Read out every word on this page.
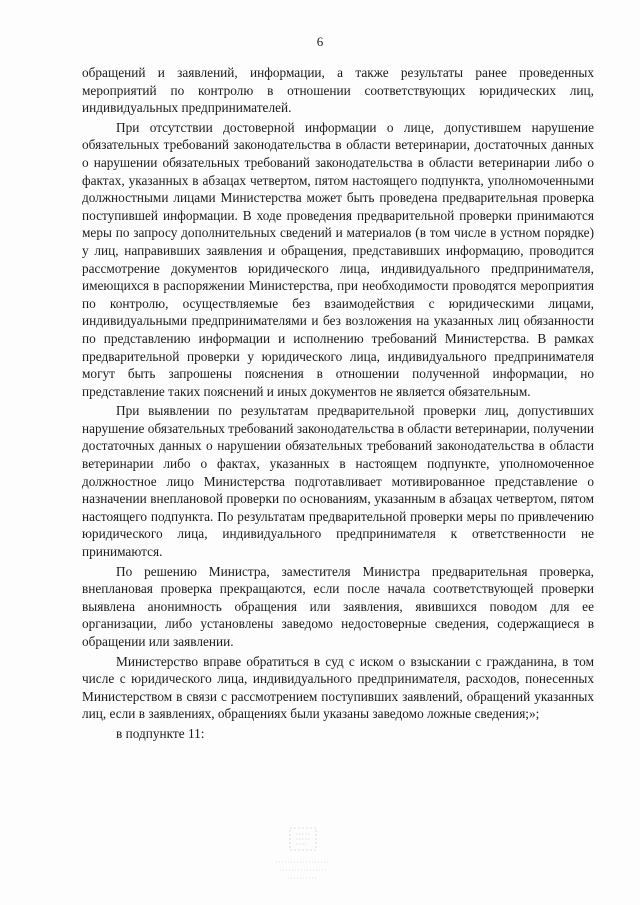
6

обращений и заявлений, информации, а также результаты ранее проведенных мероприятий по контролю в отношении соответствующих юридических лиц, индивидуальных предпринимателей.

При отсутствии достоверной информации о лице, допустившем нарушение обязательных требований законодательства в области ветеринарии, достаточных данных о нарушении обязательных требований законодательства в области ветеринарии либо о фактах, указанных в абзацах четвертом, пятом настоящего подпункта, уполномоченными должностными лицами Министерства может быть проведена предварительная проверка поступившей информации. В ходе проведения предварительной проверки принимаются меры по запросу дополнительных сведений и материалов (в том числе в устном порядке) у лиц, направивших заявления и обращения, представивших информацию, проводится рассмотрение документов юридического лица, индивидуального предпринимателя, имеющихся в распоряжении Министерства, при необходимости проводятся мероприятия по контролю, осуществляемые без взаимодействия с юридическими лицами, индивидуальными предпринимателями и без возложения на указанных лиц обязанности по представлению информации и исполнению требований Министерства. В рамках предварительной проверки у юридического лица, индивидуального предпринимателя могут быть запрошены пояснения в отношении полученной информации, но представление таких пояснений и иных документов не является обязательным.

При выявлении по результатам предварительной проверки лиц, допустивших нарушение обязательных требований законодательства в области ветеринарии, получении достаточных данных о нарушении обязательных требований законодательства в области ветеринарии либо о фактах, указанных в настоящем подпункте, уполномоченное должностное лицо Министерства подготавливает мотивированное представление о назначении внеплановой проверки по основаниям, указанным в абзацах четвертом, пятом настоящего подпункта. По результатам предварительной проверки меры по привлечению юридического лица, индивидуального предпринимателя к ответственности не принимаются.

По решению Министра, заместителя Министра предварительная проверка, внеплановая проверка прекращаются, если после начала соответствующей проверки выявлена анонимность обращения или заявления, явившихся поводом для ее организации, либо установлены заведомо недостоверные сведения, содержащиеся в обращении или заявлении.

Министерство вправе обратиться в суд с иском о взыскании с гражданина, в том числе с юридического лица, индивидуального предпринимателя, расходов, понесенных Министерством в связи с рассмотрением поступивших заявлений, обращений указанных лиц, если в заявлениях, обращениях были указаны заведомо ложные сведения;»;

в подпункте 11:
